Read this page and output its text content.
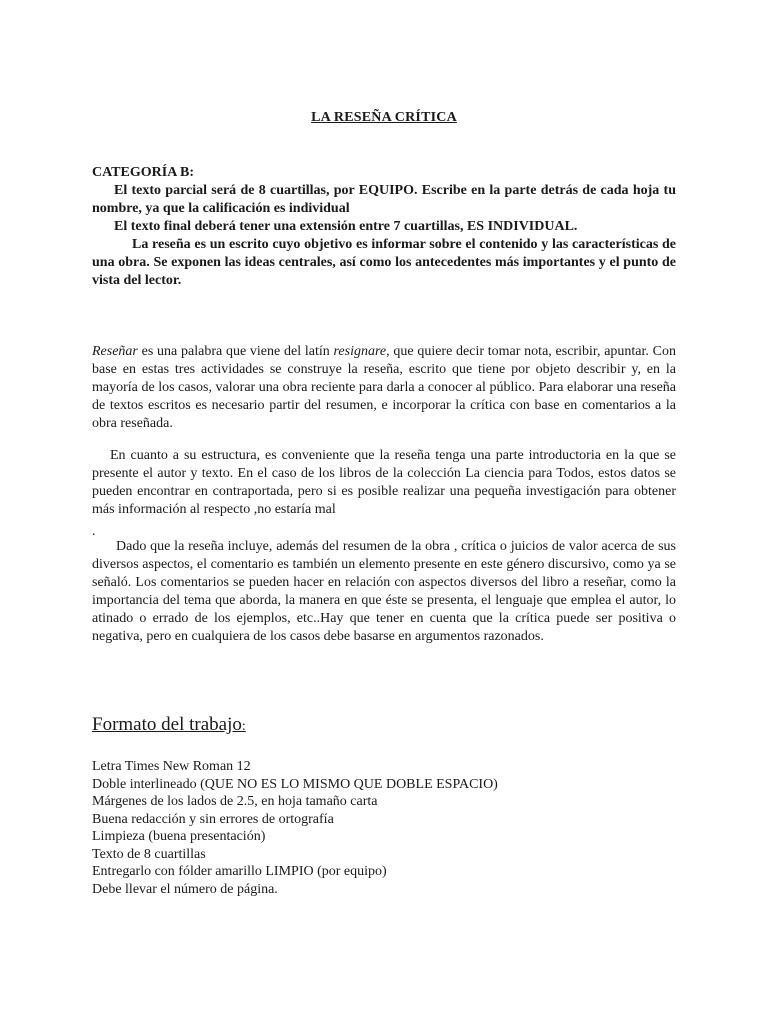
LA RESEÑA CRÍTICA
CATEGORÍA B:

El texto parcial será de 8 cuartillas, por EQUIPO. Escribe en la parte detrás de cada hoja tu nombre, ya que la calificación es individual

El texto final deberá tener una extensión entre 7 cuartillas, ES INDIVIDUAL.

La reseña es un escrito cuyo objetivo es informar sobre el contenido y las características de una obra. Se exponen las ideas centrales, así como los antecedentes más importantes y el punto de vista del lector.

Reseñar es una palabra que viene del latín resignare, que quiere decir tomar nota, escribir, apuntar. Con base en estas tres actividades se construye la reseña, escrito que tiene por objeto describir y, en la mayoría de los casos, valorar una obra reciente para darla a conocer al público. Para elaborar una reseña de textos escritos es necesario partir del resumen, e incorporar la crítica con base en comentarios a la obra reseñada.

En cuanto a su estructura, es conveniente que la reseña tenga una parte introductoria en la que se presente el autor y texto. En el caso de los libros de la colección La ciencia para Todos, estos datos se pueden encontrar en contraportada, pero si es posible realizar una pequeña investigación para obtener más información al respecto ,no estaría mal

.

Dado que la reseña incluye, además del resumen de la obra , crítica o juicios de valor acerca de sus diversos aspectos, el comentario es también un elemento presente en este género discursivo, como ya se señaló. Los comentarios se pueden hacer en relación con aspectos diversos del libro a reseñar, como la importancia del tema que aborda, la manera en que éste se presenta, el lenguaje que emplea el autor, lo atinado o errado de los ejemplos, etc..Hay que tener en cuenta que la crítica puede ser positiva o negativa, pero en cualquiera de los casos debe basarse en argumentos razonados.

Formato del trabajo:
Letra Times New Roman 12
Doble interlineado (QUE NO ES LO MISMO QUE DOBLE ESPACIO)
Márgenes de los lados de 2.5, en hoja tamaño carta
Buena redacción y sin errores de ortografía
Limpieza (buena presentación)
Texto de 8 cuartillas
Entregarlo con fólder amarillo LIMPIO (por equipo)
Debe llevar el número de página.
